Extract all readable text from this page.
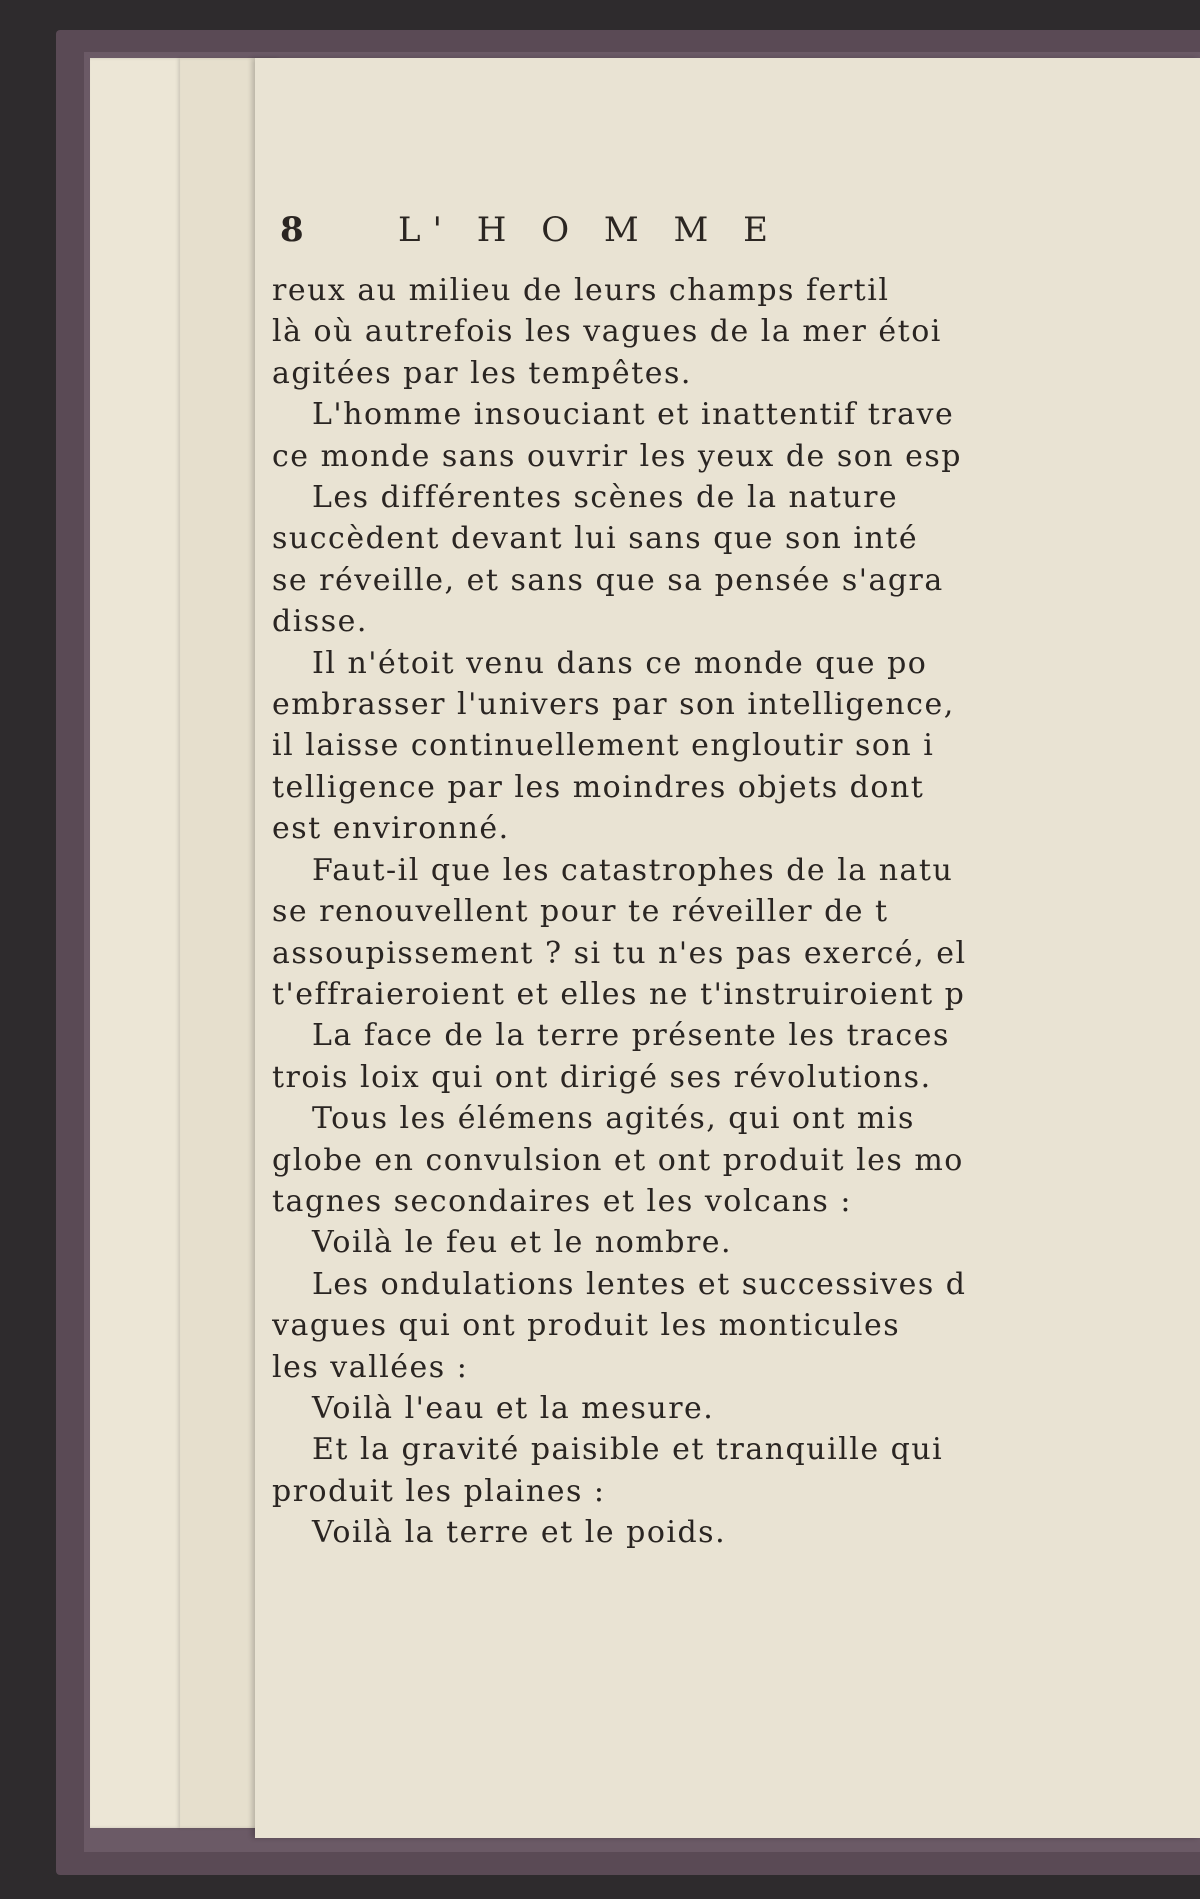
8	L' H O M M E
reux au milieu de leurs champs fertil
là où autrefois les vagues de la mer étoi
agitées par les tempêtes.
L'homme insouciant et inattentif trave
ce monde sans ouvrir les yeux de son esp
Les différentes scènes de la nature
succèdent devant lui sans que son inté
se réveille, et sans que sa pensée s'agra
disse.
Il n'étoit venu dans ce monde que po
embrasser l'univers par son intelligence,
il laisse continuellement engloutir son i
telligence par les moindres objets dont
est environné.
Faut-il que les catastrophes de la natu
se renouvellent pour te réveiller de t
assoupissement ? si tu n'es pas exercé, el
t'effraieroient et elles ne t'instruiroient p
La face de la terre présente les traces
trois loix qui ont dirigé ses révolutions.
Tous les élémens agités, qui ont mis
globe en convulsion et ont produit les mo
tagnes secondaires et les volcans :
Voilà le feu et le nombre.
Les ondulations lentes et successives d
vagues qui ont produit les monticules
les vallées :
Voilà l'eau et la mesure.
Et la gravité paisible et tranquille qui
produit les plaines :
Voilà la terre et le poids.
